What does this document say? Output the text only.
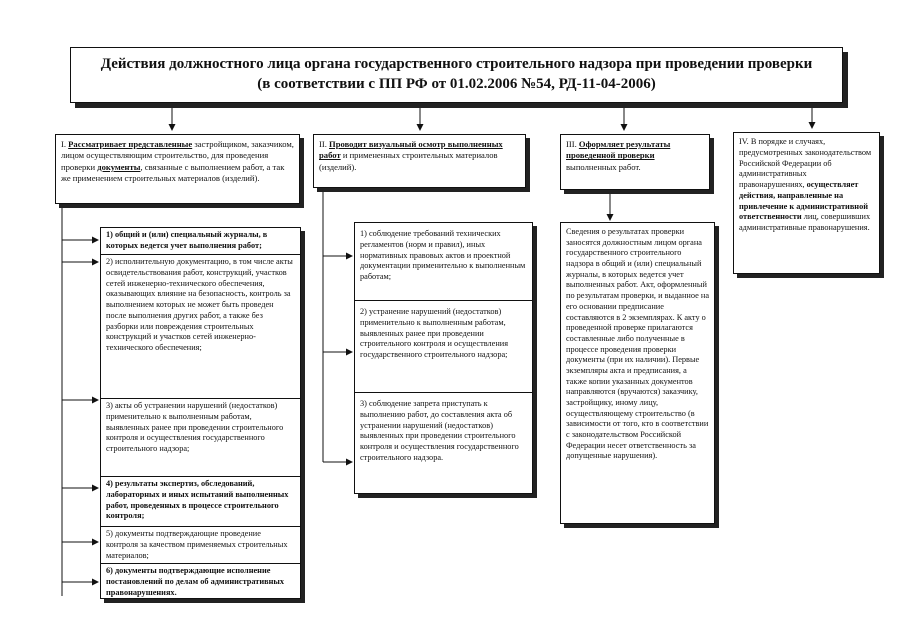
Действия должностного лица органа государственного строительного надзора при проведении проверки
(в соответствии с ПП РФ от 01.02.2006 №54, РД-11-04-2006)
I. Рассматривает представленные застройщиком, заказчиком, лицом осуществляющим строительство, для проведения проверки документы, связанные с выполнением работ, а так же применением строительных материалов (изделий).
1) общий и (или) специальный журналы, в которых ведется учет выполнения работ;
2) исполнительную документацию, в том числе акты освидетельствования работ, конструкций, участков сетей инженерно-технического обеспечения, оказывающих влияние на безопасность, контроль за выполнением которых не может быть проведен после выполнения других работ, а также без разборки или повреждения строительных конструкций и участков сетей инженерно-технического обеспечения;
3) акты об устранении нарушений (недостатков) применительно к выполненным работам, выявленных ранее при проведении строительного контроля и осуществления государственного строительного надзора;
4) результаты экспертиз, обследований, лабораторных и иных испытаний выполненных работ, проведенных в процессе строительного контроля;
5) документы подтверждающие проведение контроля за качеством применяемых строительных материалов;
6) документы подтверждающие исполнение постановлений по делам об административных правонарушениях.
II. Проводит визуальный осмотр выполненных работ и примененных строительных материалов (изделий).
1) соблюдение требований технических регламентов (норм и правил), иных нормативных правовых актов и проектной документации применительно к выполненным работам;
2) устранение нарушений (недостатков) применительно к выполненным работам, выявленных ранее при проведении строительного контроля и осуществления государственного строительного надзора;
3) соблюдение запрета приступать к выполнению работ, до составления акта об устранении нарушений (недостатков) выявленных при проведении строительного контроля и осуществления государственного строительного надзора.
III. Оформляет результаты проведенной проверки выполненных работ.
Сведения о результатах проверки заносятся должностным лицом органа государственного строительного надзора в общий и (или) специальный журналы, в которых ведется учет выполненных работ. Акт, оформленный по результатам проверки, и выданное на его основании предписание составляются в 2 экземплярах. К акту о проведенной проверке прилагаются составленные либо полученные в процессе проведения проверки документы (при их наличии). Первые экземпляры акта и предписания, а также копии указанных документов направляются (вручаются) заказчику, застройщику, иному лицу, осуществляющему строительство (в зависимости от того, кто в соответствии с законодательством Российской Федерации несет ответственность за допущенные нарушения).
IV. В порядке и случаях, предусмотренных законодательством Российской Федерации об административных правонарушениях, осуществляет действия, направленные на привлечение к административной ответственности лиц, совершивших административные правонарушения.
